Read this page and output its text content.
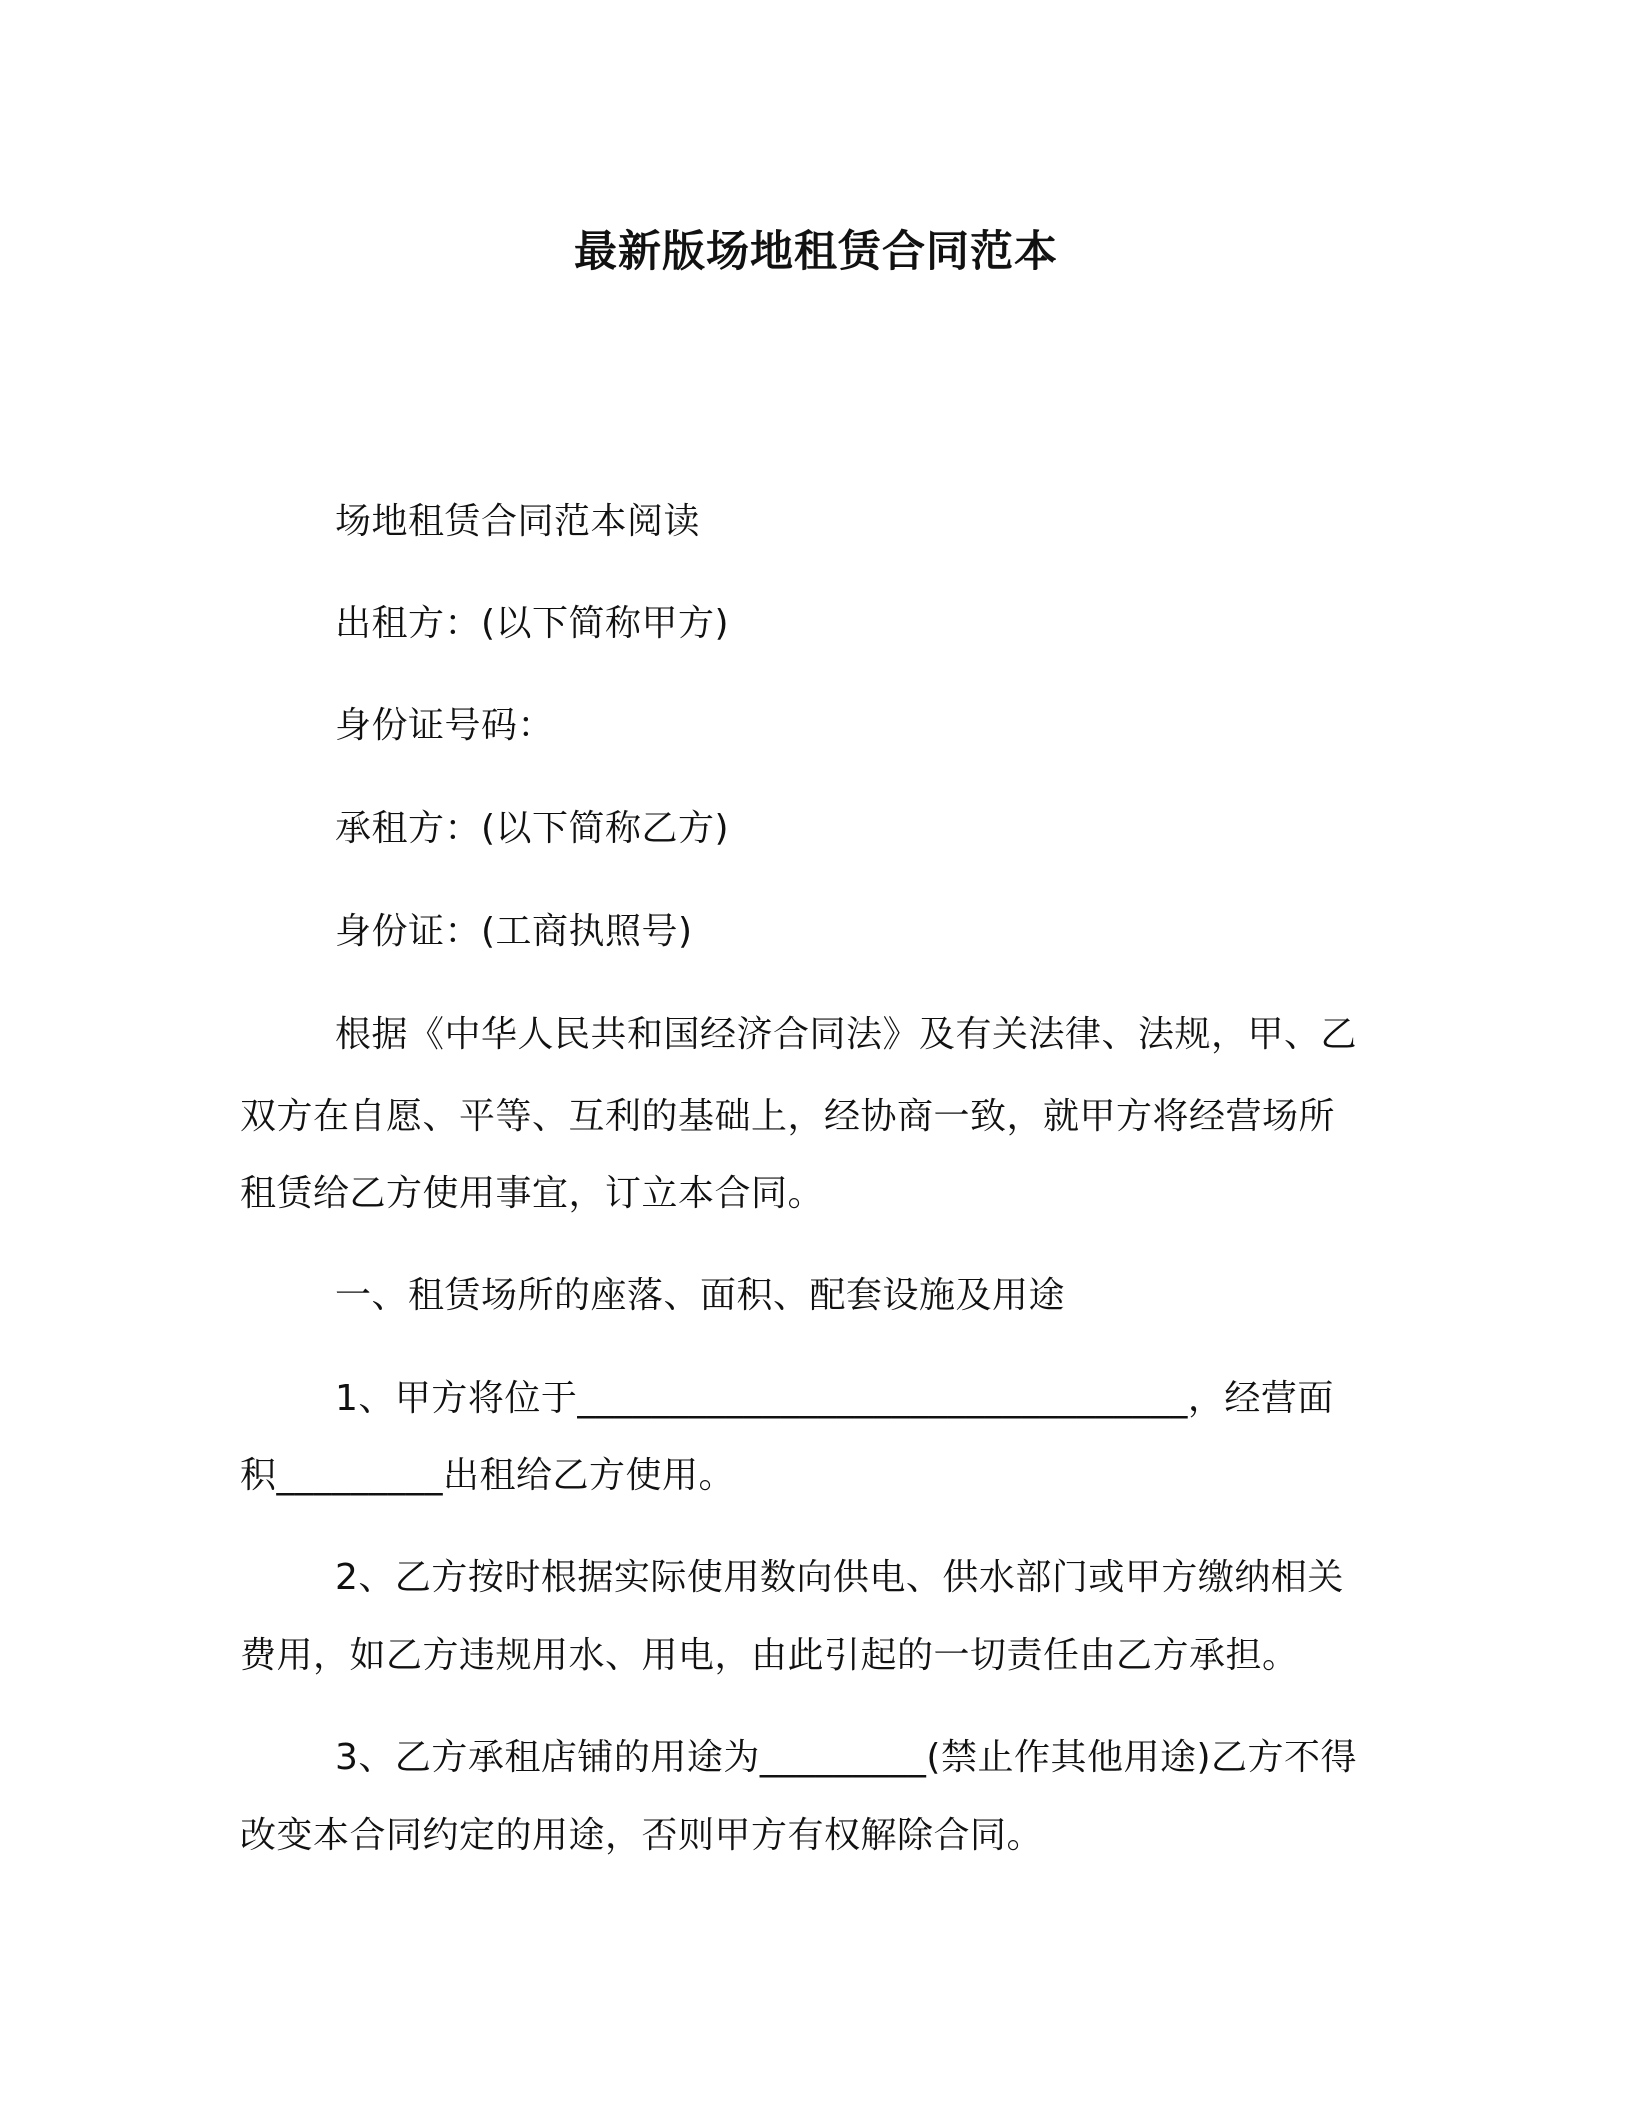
最新版场地租赁合同范本
场地租赁合同范本阅读
出租方：(以下简称甲方)
身份证号码：
承租方：(以下简称乙方)
身份证：(工商执照号)
根据《中华人民共和国经济合同法》及有关法律、法规，甲、乙
双方在自愿、平等、互利的基础上，经协商一致，就甲方将经营场所
租赁给乙方使用事宜，订立本合同。
一、租赁场所的座落、面积、配套设施及用途
1、甲方将位于_________________________________，经营面
积_________出租给乙方使用。
2、乙方按时根据实际使用数向供电、供水部门或甲方缴纳相关
费用，如乙方违规用水、用电，由此引起的一切责任由乙方承担。
3、乙方承租店铺的用途为_________(禁止作其他用途)乙方不得
改变本合同约定的用途，否则甲方有权解除合同。
